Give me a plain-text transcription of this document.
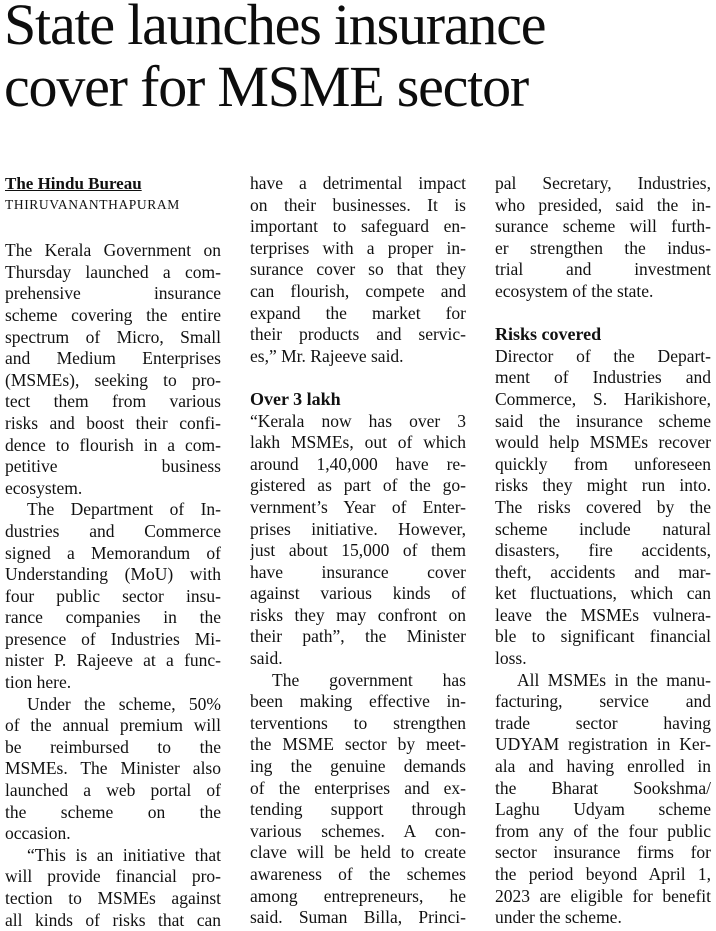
State launches insurance
cover for MSME sector
The Hindu Bureau
THIRUVANANTHAPURAM
The Kerala Government on
Thursday launched a com-
prehensive insurance
scheme covering the entire
spectrum of Micro, Small
and Medium Enterprises
(MSMEs), seeking to pro-
tect them from various
risks and boost their confi-
dence to flourish in a com-
petitive business
ecosystem.
The Department of In-
dustries and Commerce
signed a Memorandum of
Understanding (MoU) with
four public sector insu-
rance companies in the
presence of Industries Mi-
nister P. Rajeeve at a func-
tion here.
Under the scheme, 50%
of the annual premium will
be reimbursed to the
MSMEs. The Minister also
launched a web portal of
the scheme on the
occasion.
“This is an initiative that
will provide financial pro-
tection to MSMEs against
all kinds of risks that can
have a detrimental impact
on their businesses. It is
important to safeguard en-
terprises with a proper in-
surance cover so that they
can flourish, compete and
expand the market for
their products and servic-
es,” Mr. Rajeeve said.
Over 3 lakh
“Kerala now has over 3
lakh MSMEs, out of which
around 1,40,000 have re-
gistered as part of the go-
vernment’s Year of Enter-
prises initiative. However,
just about 15,000 of them
have insurance cover
against various kinds of
risks they may confront on
their path”, the Minister
said.
The government has
been making effective in-
terventions to strengthen
the MSME sector by meet-
ing the genuine demands
of the enterprises and ex-
tending support through
various schemes. A con-
clave will be held to create
awareness of the schemes
among entrepreneurs, he
said. Suman Billa, Princi-
pal Secretary, Industries,
who presided, said the in-
surance scheme will furth-
er strengthen the indus-
trial and investment
ecosystem of the state.
Risks covered
Director of the Depart-
ment of Industries and
Commerce, S. Harikishore,
said the insurance scheme
would help MSMEs recover
quickly from unforeseen
risks they might run into.
The risks covered by the
scheme include natural
disasters, fire accidents,
theft, accidents and mar-
ket fluctuations, which can
leave the MSMEs vulnera-
ble to significant financial
loss.
All MSMEs in the manu-
facturing, service and
trade sector having
UDYAM registration in Ker-
ala and having enrolled in
the Bharat Sookshma/
Laghu Udyam scheme
from any of the four public
sector insurance firms for
the period beyond April 1,
2023 are eligible for benefit
under the scheme.
